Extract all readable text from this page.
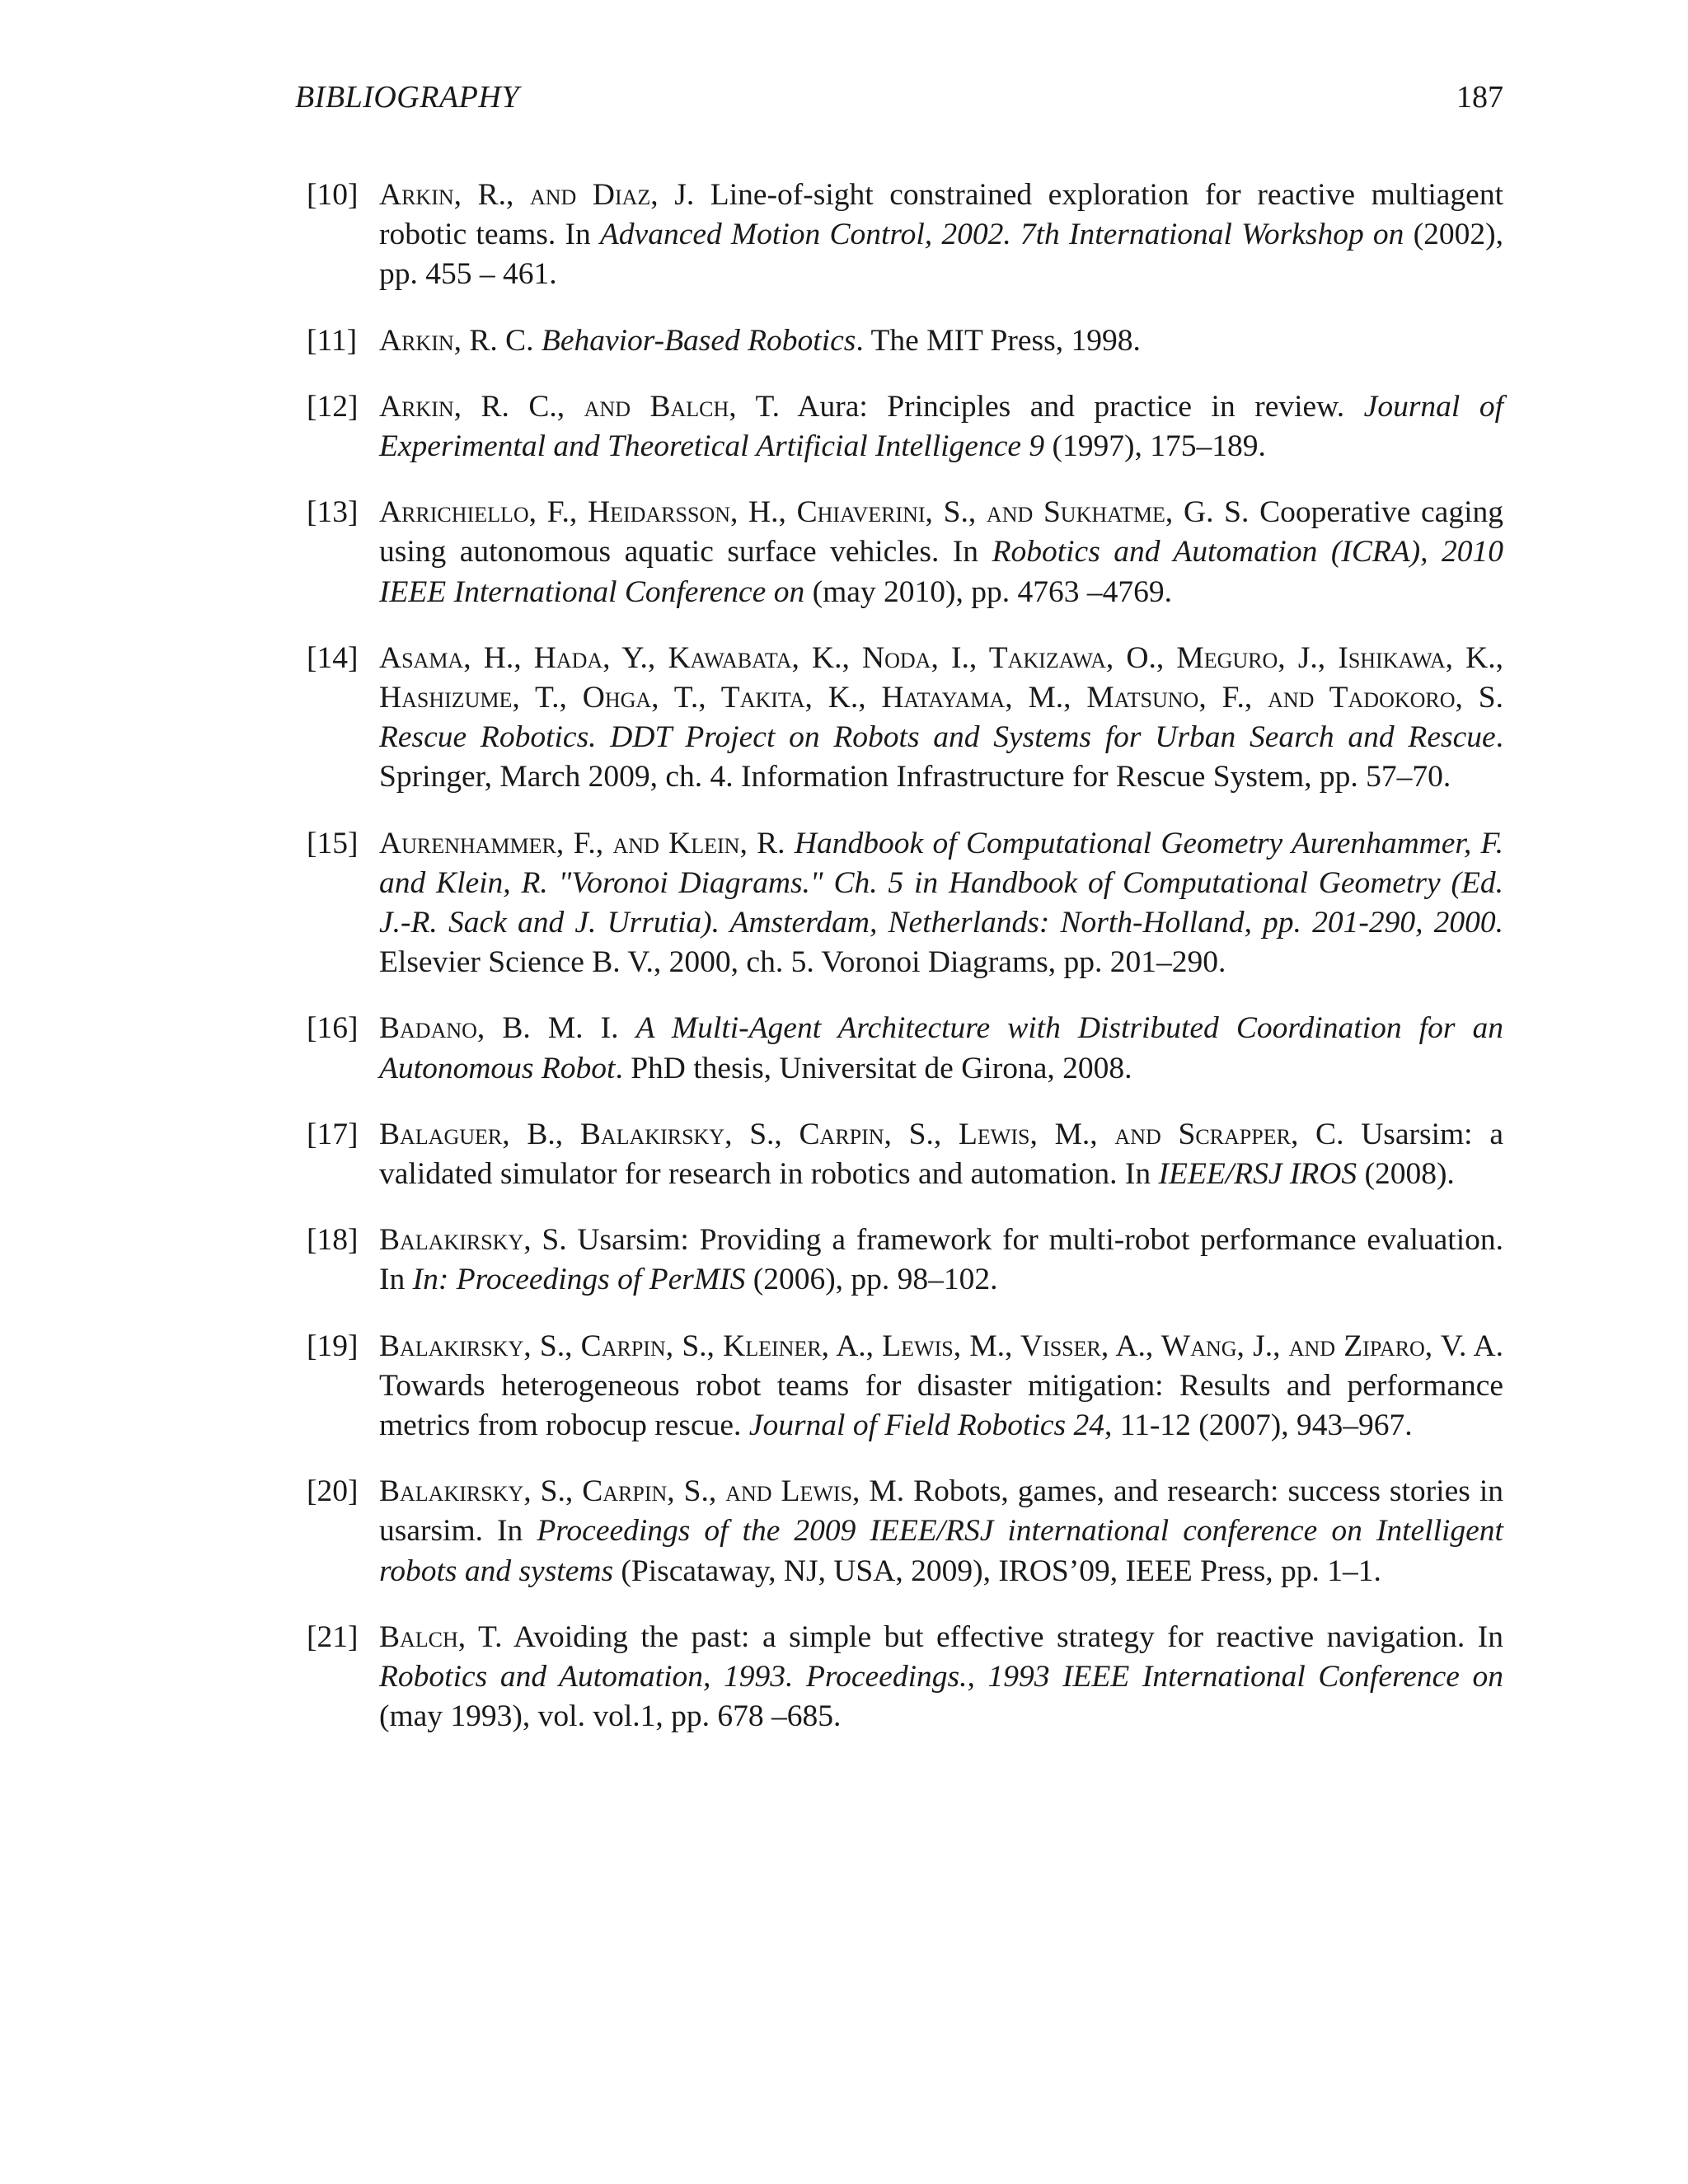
BIBLIOGRAPHY	187
[10] Arkin, R., and Diaz, J. Line-of-sight constrained exploration for reactive multiagent robotic teams. In Advanced Motion Control, 2002. 7th International Workshop on (2002), pp. 455 – 461.
[11] Arkin, R. C. Behavior-Based Robotics. The MIT Press, 1998.
[12] Arkin, R. C., and Balch, T. Aura: Principles and practice in review. Journal of Experimental and Theoretical Artificial Intelligence 9 (1997), 175–189.
[13] Arrichiello, F., Heidarsson, H., Chiaverini, S., and Sukhatme, G. S. Cooperative caging using autonomous aquatic surface vehicles. In Robotics and Automation (ICRA), 2010 IEEE International Conference on (may 2010), pp. 4763 –4769.
[14] Asama, H., Hada, Y., Kawabata, K., Noda, I., Takizawa, O., Meguro, J., Ishikawa, K., Hashizume, T., Ohga, T., Takita, K., Hatayama, M., Matsuno, F., and Tadokoro, S. Rescue Robotics. DDT Project on Robots and Systems for Urban Search and Rescue. Springer, March 2009, ch. 4. Information Infrastructure for Rescue System, pp. 57–70.
[15] Aurenhammer, F., and Klein, R. Handbook of Computational Geometry Aurenhammer, F. and Klein, R. "Voronoi Diagrams." Ch. 5 in Handbook of Computational Geometry (Ed. J.-R. Sack and J. Urrutia). Amsterdam, Netherlands: North-Holland, pp. 201-290, 2000. Elsevier Science B. V., 2000, ch. 5. Voronoi Diagrams, pp. 201–290.
[16] Badano, B. M. I. A Multi-Agent Architecture with Distributed Coordination for an Autonomous Robot. PhD thesis, Universitat de Girona, 2008.
[17] Balaguer, B., Balakirsky, S., Carpin, S., Lewis, M., and Scrapper, C. Usarsim: a validated simulator for research in robotics and automation. In IEEE/RSJ IROS (2008).
[18] Balakirsky, S. Usarsim: Providing a framework for multi-robot performance evaluation. In In: Proceedings of PerMIS (2006), pp. 98–102.
[19] Balakirsky, S., Carpin, S., Kleiner, A., Lewis, M., Visser, A., Wang, J., and Ziparo, V. A. Towards heterogeneous robot teams for disaster mitigation: Results and performance metrics from robocup rescue. Journal of Field Robotics 24, 11-12 (2007), 943–967.
[20] Balakirsky, S., Carpin, S., and Lewis, M. Robots, games, and research: success stories in usarsim. In Proceedings of the 2009 IEEE/RSJ international conference on Intelligent robots and systems (Piscataway, NJ, USA, 2009), IROS’09, IEEE Press, pp. 1–1.
[21] Balch, T. Avoiding the past: a simple but effective strategy for reactive navigation. In Robotics and Automation, 1993. Proceedings., 1993 IEEE International Conference on (may 1993), vol. vol.1, pp. 678 –685.
